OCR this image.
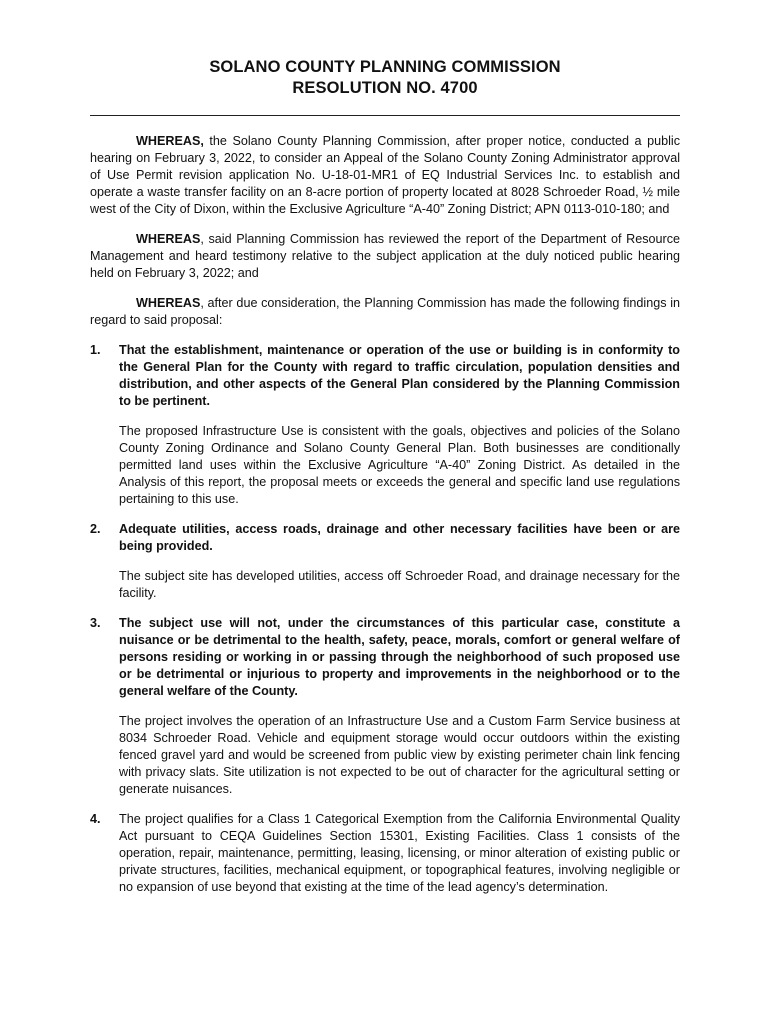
SOLANO COUNTY PLANNING COMMISSION
RESOLUTION NO. 4700

WHEREAS, the Solano County Planning Commission, after proper notice, conducted a public hearing on February 3, 2022, to consider an Appeal of the Solano County Zoning Administrator approval of Use Permit revision application No. U-18-01-MR1 of EQ Industrial Services Inc. to establish and operate a waste transfer facility on an 8-acre portion of property located at 8028 Schroeder Road, ½ mile west of the City of Dixon, within the Exclusive Agriculture “A-40” Zoning District; APN 0113-010-180; and

WHEREAS, said Planning Commission has reviewed the report of the Department of Resource Management and heard testimony relative to the subject application at the duly noticed public hearing held on February 3, 2022; and

WHEREAS, after due consideration, the Planning Commission has made the following findings in regard to said proposal:

1. That the establishment, maintenance or operation of the use or building is in conformity to the General Plan for the County with regard to traffic circulation, population densities and distribution, and other aspects of the General Plan considered by the Planning Commission to be pertinent.

The proposed Infrastructure Use is consistent with the goals, objectives and policies of the Solano County Zoning Ordinance and Solano County General Plan. Both businesses are conditionally permitted land uses within the Exclusive Agriculture “A-40” Zoning District. As detailed in the Analysis of this report, the proposal meets or exceeds the general and specific land use regulations pertaining to this use.

2. Adequate utilities, access roads, drainage and other necessary facilities have been or are being provided.

The subject site has developed utilities, access off Schroeder Road, and drainage necessary for the facility.

3. The subject use will not, under the circumstances of this particular case, constitute a nuisance or be detrimental to the health, safety, peace, morals, comfort or general welfare of persons residing or working in or passing through the neighborhood of such proposed use or be detrimental or injurious to property and improvements in the neighborhood or to the general welfare of the County.

The project involves the operation of an Infrastructure Use and a Custom Farm Service business at 8034 Schroeder Road. Vehicle and equipment storage would occur outdoors within the existing fenced gravel yard and would be screened from public view by existing perimeter chain link fencing with privacy slats. Site utilization is not expected to be out of character for the agricultural setting or generate nuisances.

4. The project qualifies for a Class 1 Categorical Exemption from the California Environmental Quality Act pursuant to CEQA Guidelines Section 15301, Existing Facilities. Class 1 consists of the operation, repair, maintenance, permitting, leasing, licensing, or minor alteration of existing public or private structures, facilities, mechanical equipment, or topographical features, involving negligible or no expansion of use beyond that existing at the time of the lead agency’s determination.
